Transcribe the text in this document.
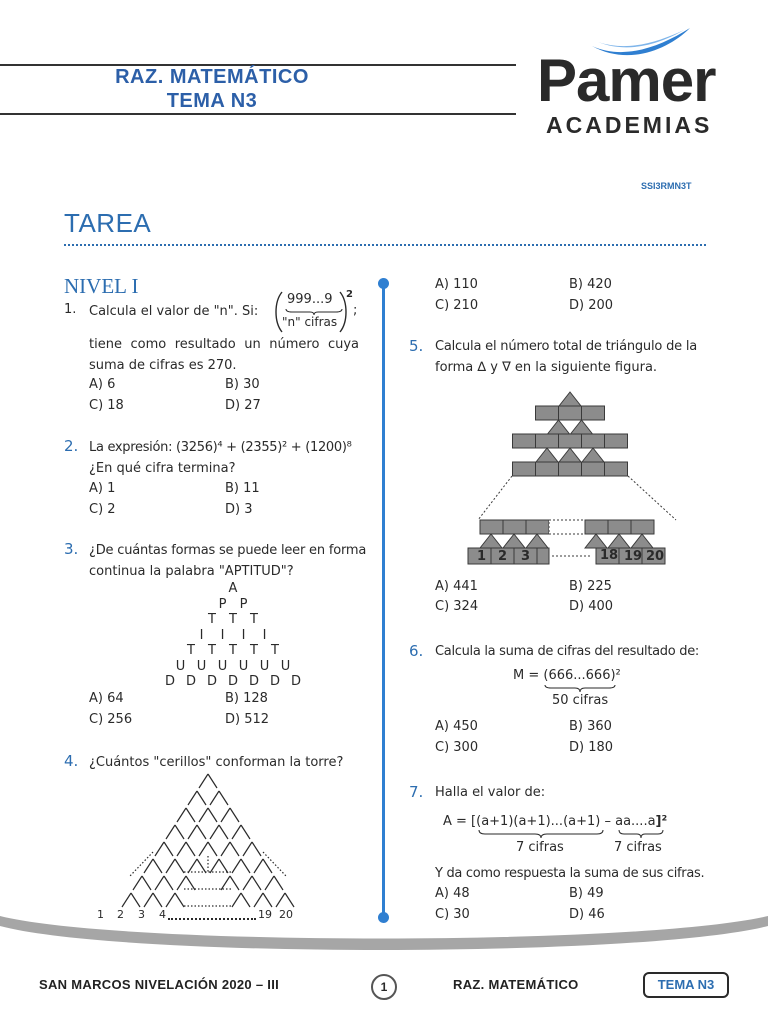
RAZ. MATEMÁTICO
TEMA N3	Pamer
ACADEMIAS
SSI3RMN3T
TAREA
NIVEL I
1. Calcula el valor de "n". Si:
999...9
"n" cifras
2
;
tiene como resultado un número cuya
suma de cifras es 270.
A) 6	B) 30
C) 18	D) 27
2. La expresión: (3256)⁴ + (2355)² + (1200)⁸
¿En qué cifra termina?
A) 1	B) 11
C) 2	D) 3
3. ¿De cuántas formas se puede leer en forma
continua la palabra "APTITUD"?
A
P P
T T T
I	I	I	I
T T T T T
U U U U U U
D D D D D D D
A) 64	B) 128
C) 256	D) 512
4. ¿Cuántos "cerillos" conforman la torre?
1 2 3 4	19 20
A) 110	B) 420
C) 210	D) 200
5. Calcula el número total de triángulo de la
forma ∆ y ∇ en la siguiente figura.
1 2 3	18 19 20
A) 441	B) 225
C) 324	D) 400
6. Calcula la suma de cifras del resultado de:
M = (666...666)²
50 cifras
A) 450	B) 360
C) 300	D) 180
7. Halla el valor de:
A = [(a+1)(a+1)...(a+1) – aa....a]²
7 cifras	7 cifras
Y da como respuesta la suma de sus cifras.
A) 48	B) 49
C) 30	D) 46
SAN MARCOS NIVELACIÓN 2020 – III	1	RAZ. MATEMÁTICO	TEMA N3
